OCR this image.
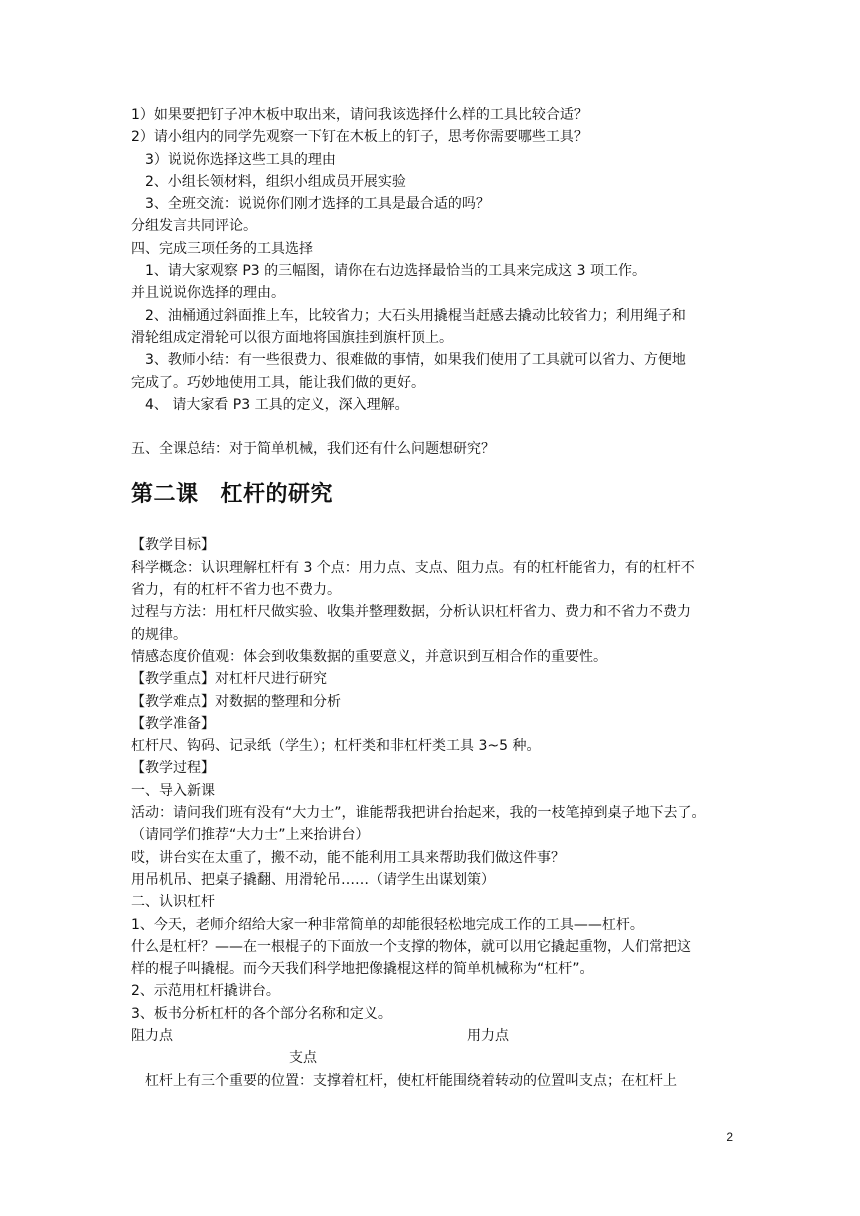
1）如果要把钉子冲木板中取出来，请问我该选择什么样的工具比较合适？
2）请小组内的同学先观察一下钉在木板上的钉子，思考你需要哪些工具？
3）说说你选择这些工具的理由
2、小组长领材料，组织小组成员开展实验
3、全班交流：说说你们刚才选择的工具是最合适的吗？
分组发言共同评论。
四、完成三项任务的工具选择
1、请大家观察 P3 的三幅图，请你在右边选择最恰当的工具来完成这 3 项工作。
并且说说你选择的理由。
2、油桶通过斜面推上车，比较省力；大石头用撬棍当赶感去撬动比较省力；利用绳子和
滑轮组成定滑轮可以很方面地将国旗挂到旗杆顶上。
3、教师小结：有一些很费力、很难做的事情，如果我们使用了工具就可以省力、方便地
完成了。巧妙地使用工具，能让我们做的更好。
4、 请大家看 P3 工具的定义，深入理解。
五、全课总结：对于简单机械，我们还有什么问题想研究？
第二课 杠杆的研究
【教学目标】
科学概念：认识理解杠杆有 3 个点：用力点、支点、阻力点。有的杠杆能省力，有的杠杆不
省力，有的杠杆不省力也不费力。
过程与方法：用杠杆尺做实验、收集并整理数据，分析认识杠杆省力、费力和不省力不费力
的规律。
情感态度价值观：体会到收集数据的重要意义，并意识到互相合作的重要性。
【教学重点】对杠杆尺进行研究
【教学难点】对数据的整理和分析
【教学准备】
杠杆尺、钩码、记录纸（学生）；杠杆类和非杠杆类工具 3~5 种。
【教学过程】
一、导入新课
活动：请问我们班有没有“大力士”，谁能帮我把讲台抬起来，我的一枝笔掉到桌子地下去了。
（请同学们推荐“大力士”上来抬讲台）
哎，讲台实在太重了，搬不动，能不能利用工具来帮助我们做这件事？
用吊机吊、把桌子撬翻、用滑轮吊……（请学生出谋划策）
二、认识杠杆
1、今天，老师介绍给大家一种非常简单的却能很轻松地完成工作的工具——杠杆。
什么是杠杆？——在一根棍子的下面放一个支撑的物体，就可以用它撬起重物，人们常把这
样的棍子叫撬棍。而今天我们科学地把像撬棍这样的简单机械称为“杠杆”。
2、示范用杠杆撬讲台。
3、板书分析杠杆的各个部分名称和定义。
阻力点	用力点
支点
杠杆上有三个重要的位置：支撑着杠杆，使杠杆能围绕着转动的位置叫支点；在杠杆上
2
